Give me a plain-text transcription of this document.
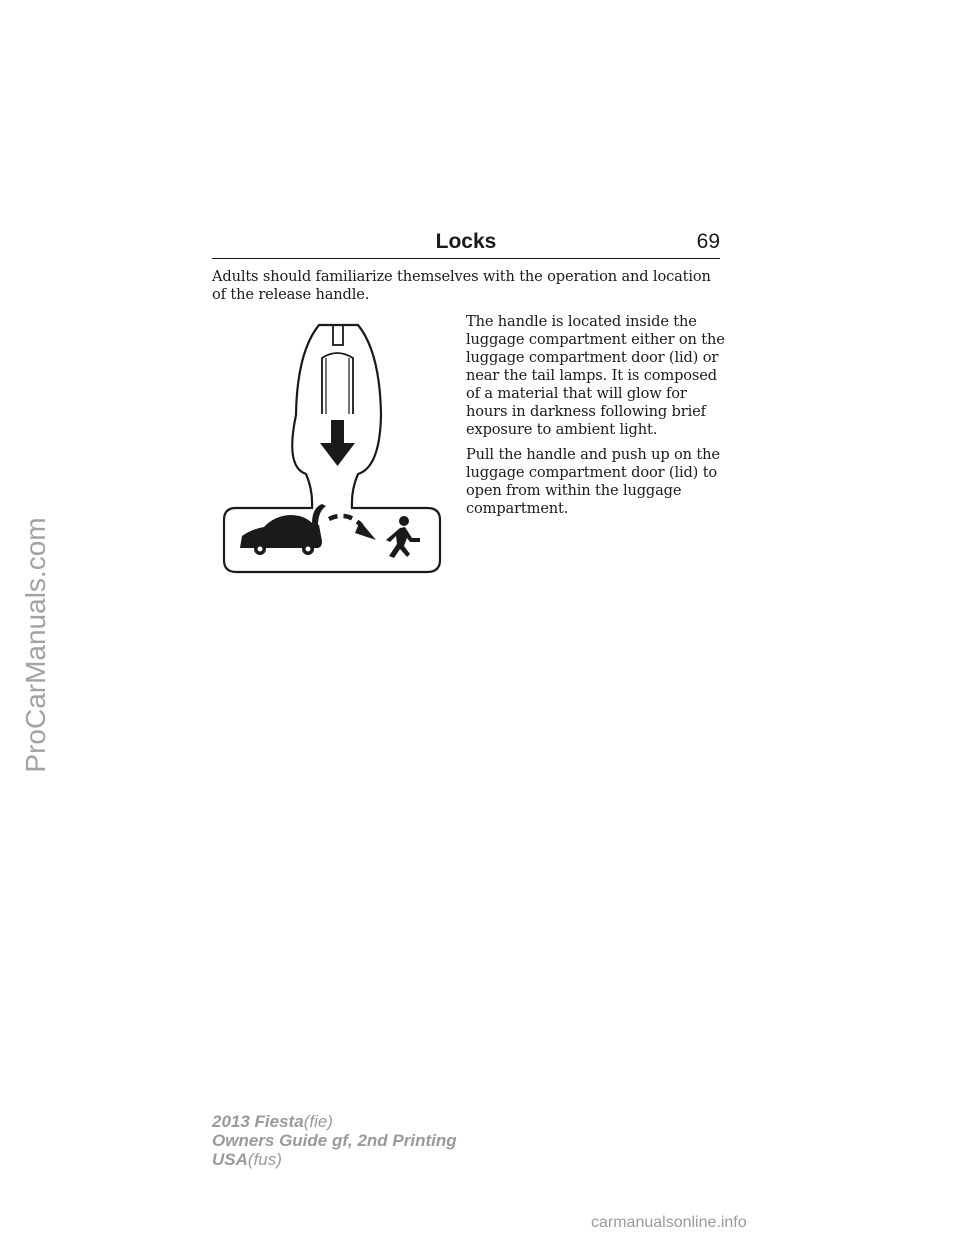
Locks	69

Adults should familiarize themselves with the operation and location of the release handle.

The handle is located inside the luggage compartment either on the luggage compartment door (lid) or near the tail lamps. It is composed of a material that will glow for hours in darkness following brief exposure to ambient light.

Pull the handle and push up on the luggage compartment door (lid) to open from within the luggage compartment.

ProCarManuals.com
2013 Fiesta(fie)
Owners Guide gf, 2nd Printing
USA(fus)
carmanualsonline.info
